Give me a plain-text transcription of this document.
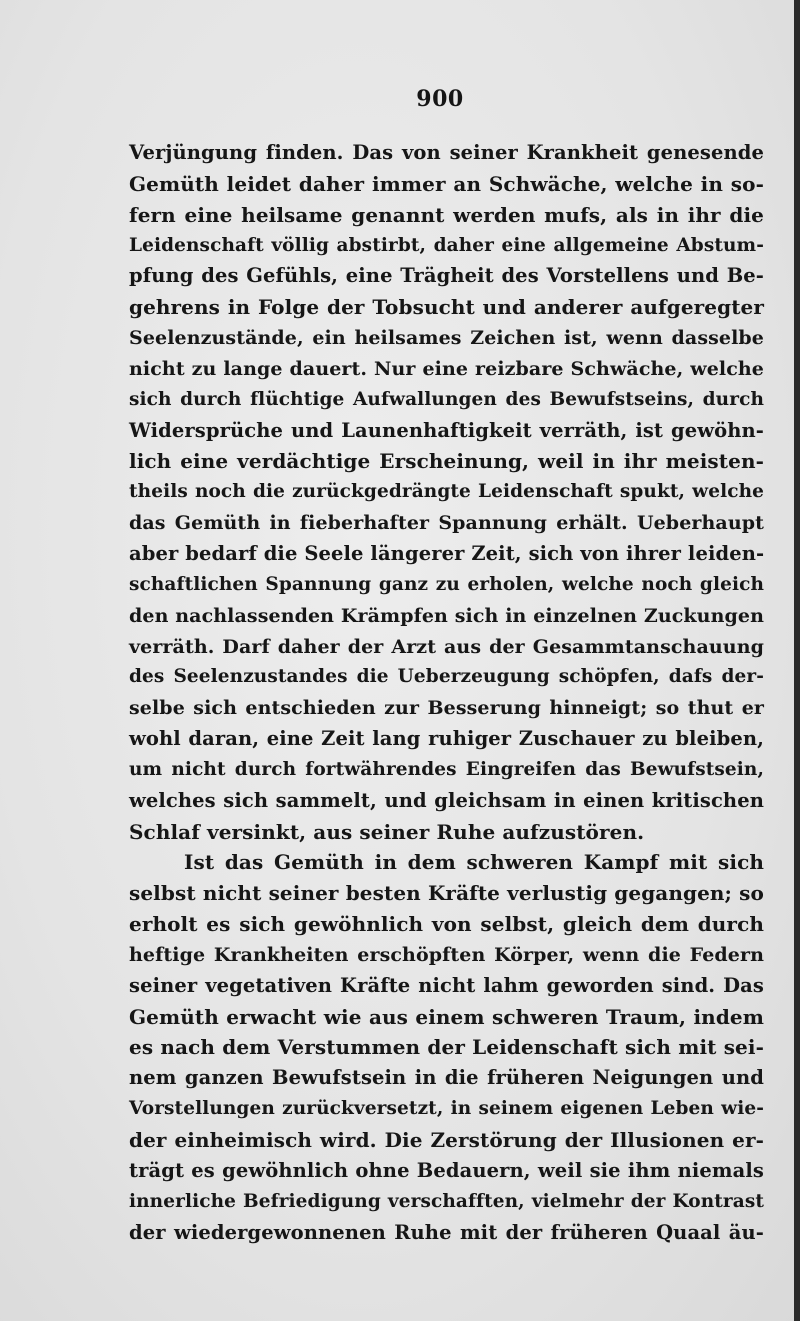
900
Verjüngung finden. Das von seiner Krankheit genesende
Gemüth leidet daher immer an Schwäche, welche in so-
fern eine heilsame genannt werden mufs, als in ihr die
Leidenschaft völlig abstirbt, daher eine allgemeine Abstum-
pfung des Gefühls, eine Trägheit des Vorstellens und Be-
gehrens in Folge der Tobsucht und anderer aufgeregter
Seelenzustände, ein heilsames Zeichen ist, wenn dasselbe
nicht zu lange dauert. Nur eine reizbare Schwäche, welche
sich durch flüchtige Aufwallungen des Bewufstseins, durch
Widersprüche und Launenhaftigkeit verräth, ist gewöhn-
lich eine verdächtige Erscheinung, weil in ihr meisten-
theils noch die zurückgedrängte Leidenschaft spukt, welche
das Gemüth in fieberhafter Spannung erhält. Ueberhaupt
aber bedarf die Seele längerer Zeit, sich von ihrer leiden-
schaftlichen Spannung ganz zu erholen, welche noch gleich
den nachlassenden Krämpfen sich in einzelnen Zuckungen
verräth. Darf daher der Arzt aus der Gesammtanschauung
des Seelenzustandes die Ueberzeugung schöpfen, dafs der-
selbe sich entschieden zur Besserung hinneigt; so thut er
wohl daran, eine Zeit lang ruhiger Zuschauer zu bleiben,
um nicht durch fortwährendes Eingreifen das Bewufstsein,
welches sich sammelt, und gleichsam in einen kritischen
Schlaf versinkt, aus seiner Ruhe aufzustören.
Ist das Gemüth in dem schweren Kampf mit sich
selbst nicht seiner besten Kräfte verlustig gegangen; so
erholt es sich gewöhnlich von selbst, gleich dem durch
heftige Krankheiten erschöpften Körper, wenn die Federn
seiner vegetativen Kräfte nicht lahm geworden sind. Das
Gemüth erwacht wie aus einem schweren Traum, indem
es nach dem Verstummen der Leidenschaft sich mit sei-
nem ganzen Bewufstsein in die früheren Neigungen und
Vorstellungen zurückversetzt, in seinem eigenen Leben wie-
der einheimisch wird. Die Zerstörung der Illusionen er-
trägt es gewöhnlich ohne Bedauern, weil sie ihm niemals
innerliche Befriedigung verschafften, vielmehr der Kontrast
der wiedergewonnenen Ruhe mit der früheren Quaal äu-
